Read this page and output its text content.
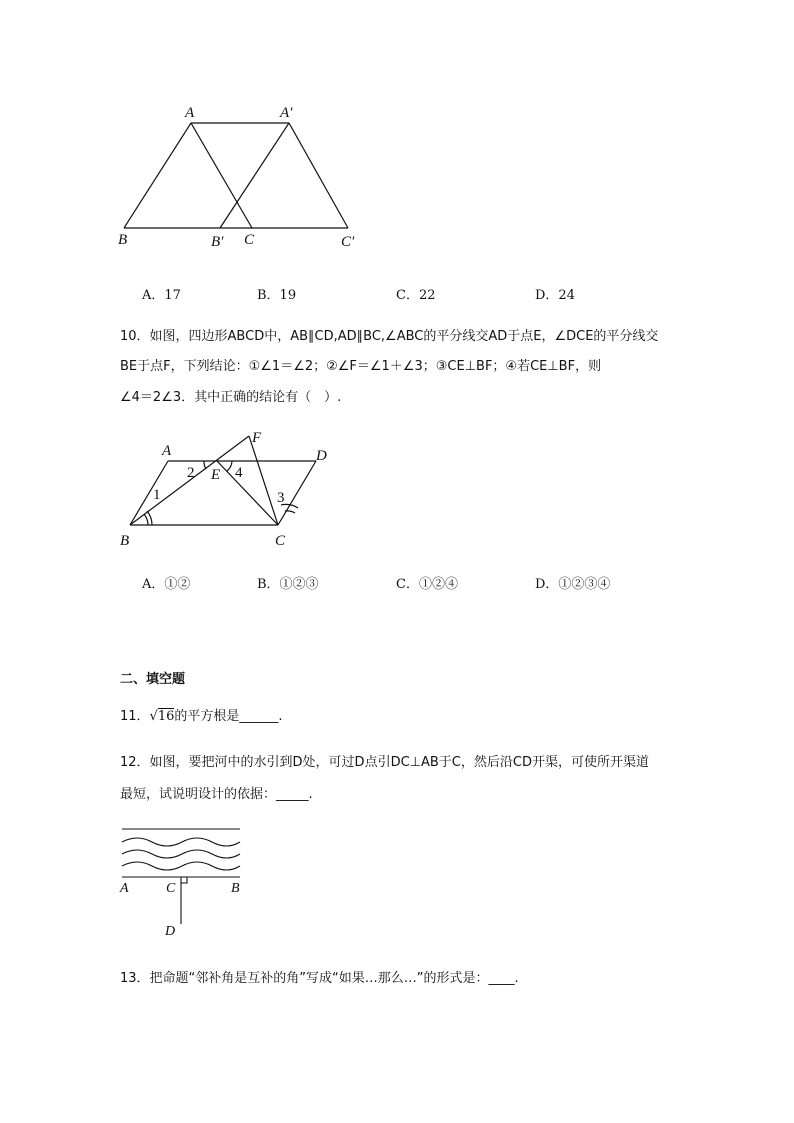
A	A′
B	B′ C	C′
A．17	B．19	C．22	D．24
10．如图，四边形ABCD中，AB∥CD,AD∥BC,∠ABC的平分线交AD于点E，∠DCE的平分线交
BE于点F，下列结论：①∠1＝∠2；②∠F＝∠1＋∠3；③CE⊥BF；④若CE⊥BF，则
∠4＝2∠3．其中正确的结论有（　）.
A
F
D
E
2	4
1	3
B	C
A．①②	B．①②③	C．①②④	D．①②③④
二、填空题
11．√16的平方根是______.
12．如图，要把河中的水引到D处，可过D点引DC⊥AB于C，然后沿CD开渠，可使所开渠道
最短，试说明设计的依据：_____.
A	C	B
D
13．把命题“邻补角是互补的角”写成“如果…那么…”的形式是：____.
